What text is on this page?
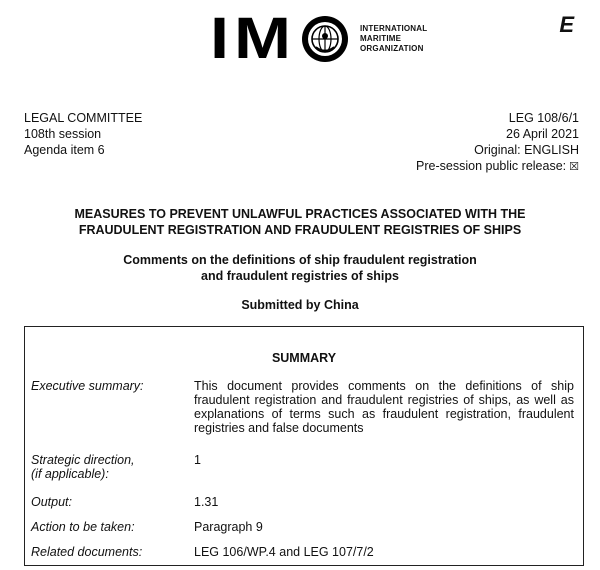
I M	INTERNATIONAL
MARITIME
ORGANIZATION
E
LEGAL COMMITTEE
108th session
Agenda item 6
LEG 108/6/1
26 April 2021
Original: ENGLISH
Pre-session public release: ☒
MEASURES TO PREVENT UNLAWFUL PRACTICES ASSOCIATED WITH THE
FRAUDULENT REGISTRATION AND FRAUDULENT REGISTRIES OF SHIPS
Comments on the definitions of ship fraudulent registration
and fraudulent registries of ships
Submitted by China
SUMMARY
Executive summary:	This document provides comments on the definitions of ship fraudulent registration and fraudulent registries of ships, as well as explanations of terms such as fraudulent registration, fraudulent registries and false documents
Strategic direction,
(if applicable):
1
Output:	1.31
Action to be taken:	Paragraph 9
Related documents:	LEG 106/WP.4 and LEG 107/7/2
